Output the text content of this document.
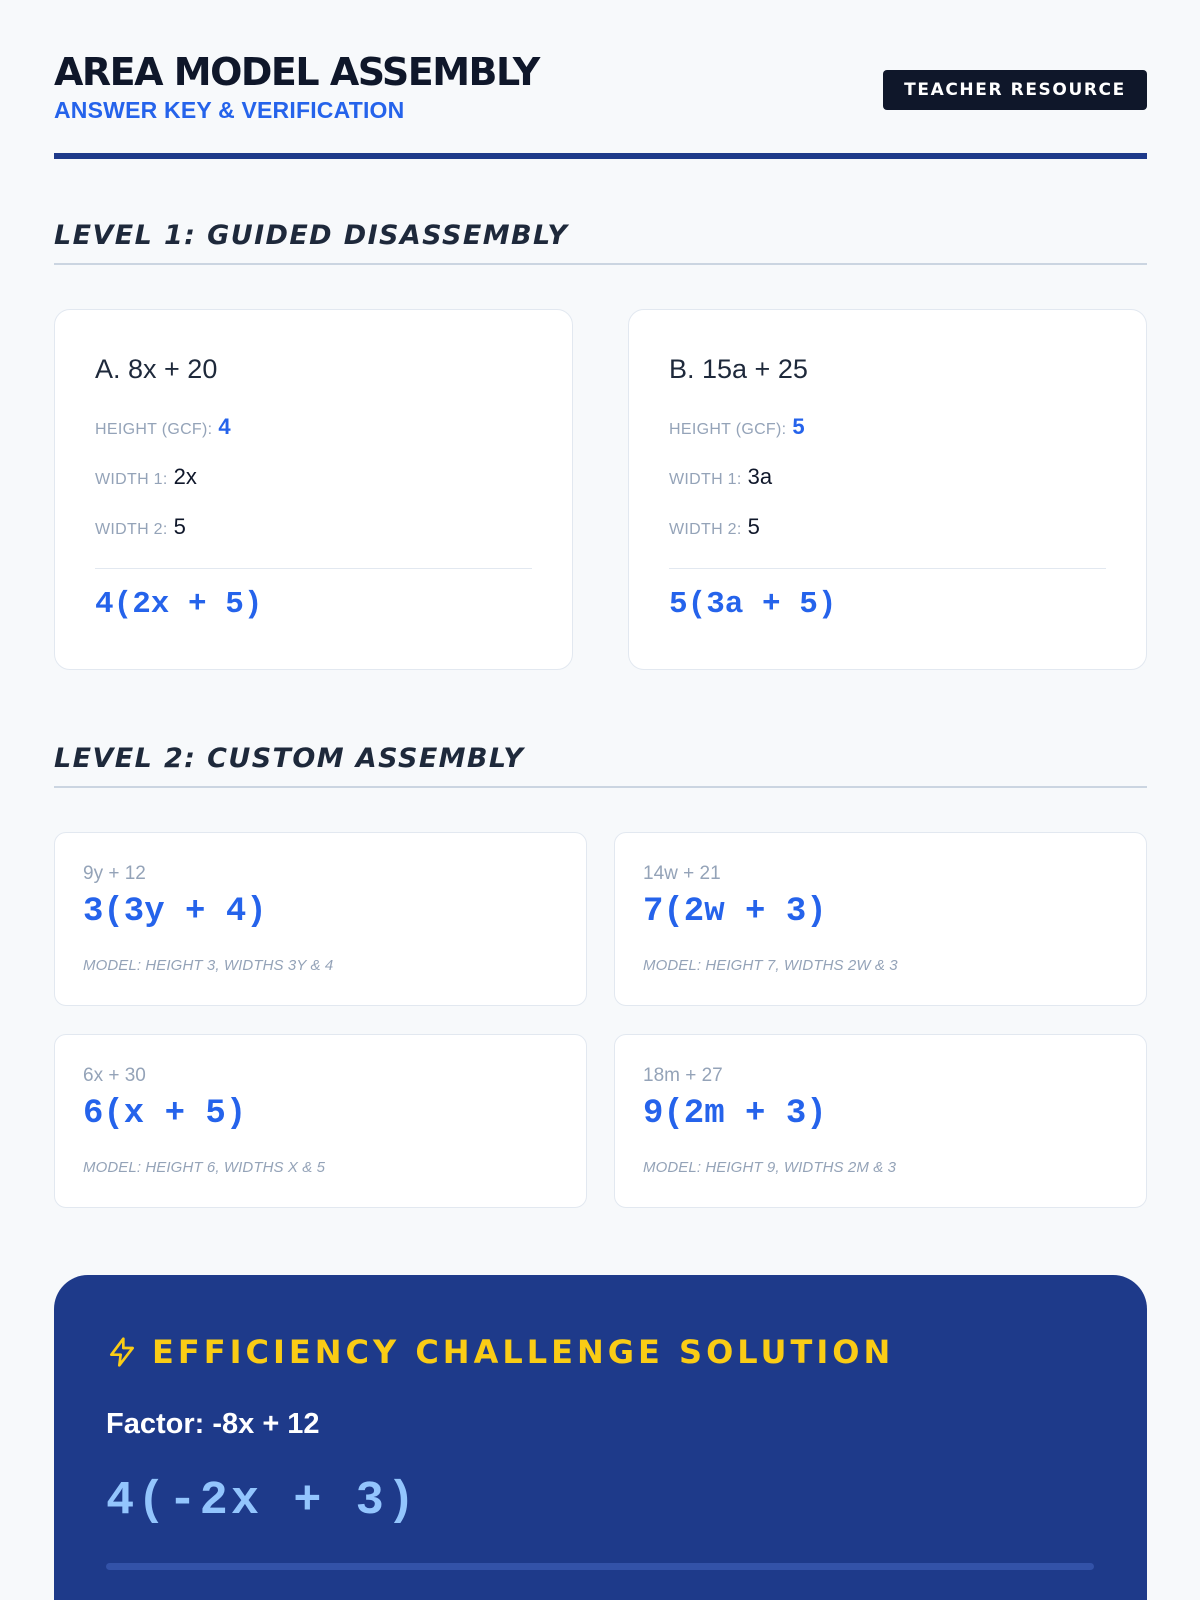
AREA MODEL ASSEMBLY
ANSWER KEY & VERIFICATION
TEACHER RESOURCE
LEVEL 1: GUIDED DISASSEMBLY
A. 8x + 20
HEIGHT (GCF): 4
WIDTH 1: 2x
WIDTH 2: 5
4(2x + 5)
B. 15a + 25
HEIGHT (GCF): 5
WIDTH 1: 3a
WIDTH 2: 5
5(3a + 5)
LEVEL 2: CUSTOM ASSEMBLY
9y + 12
3(3y + 4)
MODEL: HEIGHT 3, WIDTHS 3Y & 4
14w + 21
7(2w + 3)
MODEL: HEIGHT 7, WIDTHS 2W & 3
6x + 30
6(x + 5)
MODEL: HEIGHT 6, WIDTHS X & 5
18m + 27
9(2m + 3)
MODEL: HEIGHT 9, WIDTHS 2M & 3
EFFICIENCY CHALLENGE SOLUTION
Factor: -8x + 12
4(-2x + 3)
